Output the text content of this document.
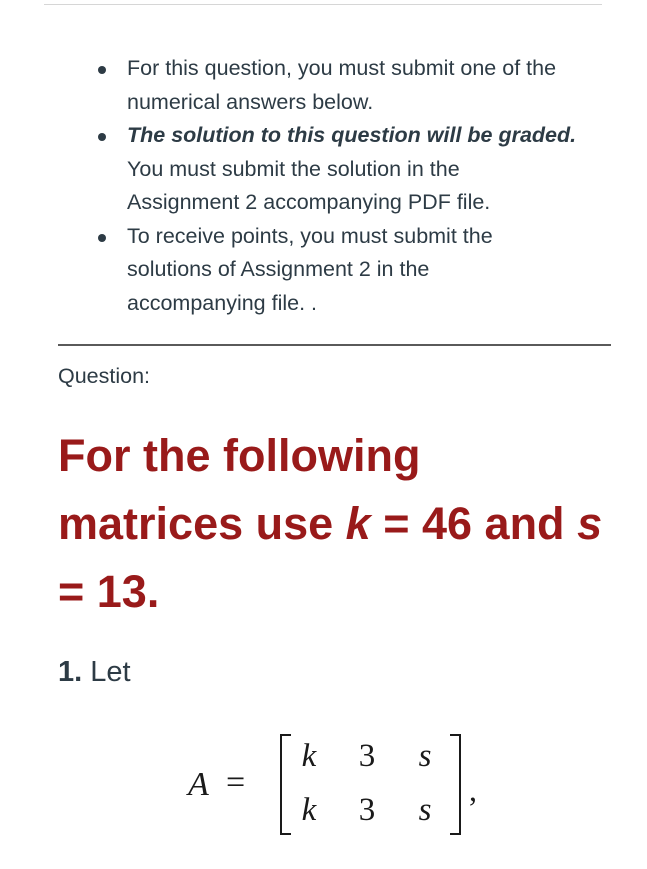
For this question, you must submit one of the
numerical answers below.
The solution to this question will be graded.
You must submit the solution in the
Assignment 2 accompanying PDF file.
To receive points, you must submit the
solutions of Assignment 2 in the
accompanying file. .
Question:
For the following
matrices use k = 46 and s
= 13.
1. Let
A =
k 3 s
k 3 s
,
